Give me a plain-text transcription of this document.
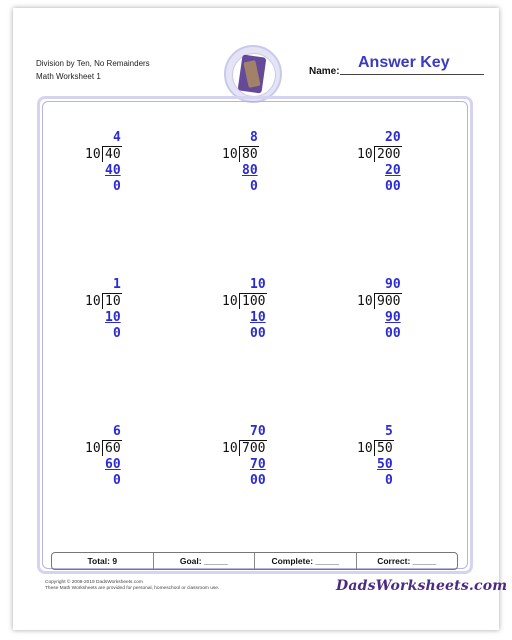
Division by Ten, No Remainders
Math Worksheet 1
Answer Key
Name:
4
10 40
40
0
8
10 80
80
0
20
10 200
20
00
1
10 10
10
0
10
10 100
10
00
90
10 900
90
00
6
10 60
60
0
70
10 700
70
00
5
10 50
50
0
Total: 9	Goal: _____	Complete: _____	Correct: _____
Copyright © 2008-2019 DadsWorksheets.com
These Math Worksheets are provided for personal, homeschool or classroom use.	DadsWorksheets.com
